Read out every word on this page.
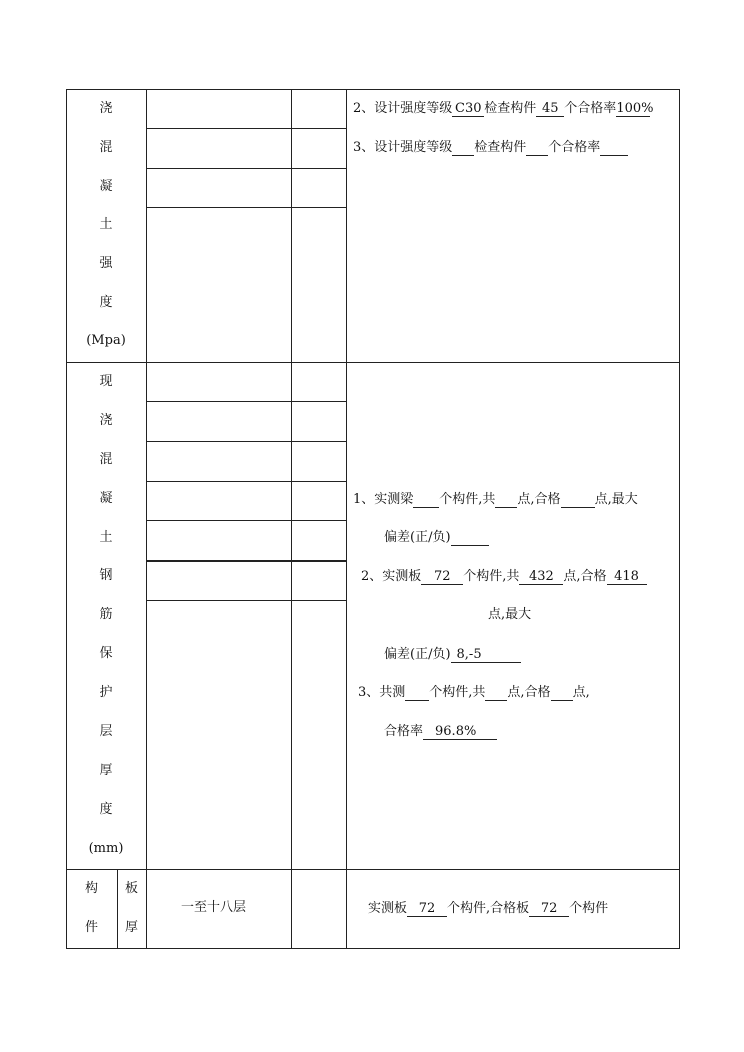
浇
混
凝
土
强
度
(Mpa)
2、设计强度等级 C30 检查构件 45 个合格率100%
3、设计强度等级 检查构件 个合格率
现
浇
混
凝
土
钢
筋
保
护
层
厚
度
(mm)
1、实测梁 个构件,共 点,合格	点,最大
偏差(正/负)
2、实测板 72 个构件,共 432 点,合格 418
点,最大
偏差(正/负) 8,-5
3、共测 个构件,共 点,合格 点,
合格率 96.8%
构
件
板
厚
一至十八层	实测板 72 个构件,合格板 72 个构件
